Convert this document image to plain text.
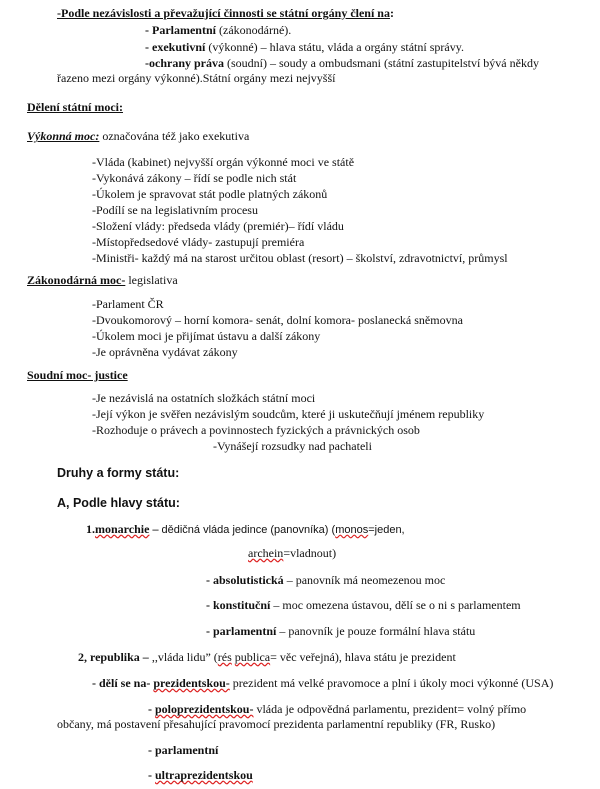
-Podle nezávislosti a převažující činnosti se státní orgány člení na:
- Parlamentní (zákonodárné).
- exekutivní (výkonné) – hlava státu, vláda a orgány státní správy.
-ochrany práva (soudní) – soudy a ombudsmani (státní zastupitelství bývá někdy
řazeno mezi orgány výkonné).Státní orgány mezi nejvyšší
Dělení státní moci:
Výkonná moc: označována též jako exekutiva
-Vláda (kabinet) nejvyšší orgán výkonné moci ve státě
-Vykonává zákony – řídí se podle nich stát
-Úkolem je spravovat stát podle platných zákonů
-Podílí se na legislativním procesu
-Složení vlády: předseda vlády (premiér)– řídí vládu
-Místopředsedové vlády- zastupují premiéra
-Ministři- každý má na starost určitou oblast (resort) – školství, zdravotnictví, průmysl
Zákonodárná moc- legislativa
-Parlament ČR
-Dvoukomorový – horní komora- senát, dolní komora- poslanecká sněmovna
-Úkolem moci je přijímat ústavu a další zákony
-Je oprávněna vydávat zákony
Soudní moc- justice
-Je nezávislá na ostatních složkách státní moci
-Její výkon je svěřen nezávislým soudcům, které ji uskutečňují jménem republiky
-Rozhoduje o právech a povinnostech fyzických a právnických osob
-Vynášejí rozsudky nad pachateli
Druhy a formy státu:
A, Podle hlavy státu:
1.monarchie – dědičná vláda jedince (panovníka) (monos=jeden,
archein=vladnout)
- absolutistická – panovník má neomezenou moc
- konstituční – moc omezena ústavou, dělí se o ni s parlamentem
- parlamentní – panovník je pouze formální hlava státu
2, republika – ,,vláda lidu” (rés publica= věc veřejná), hlava státu je prezident
- dělí se na- prezidentskou- prezident má velké pravomoce a plní i úkoly moci výkonné (USA)
- poloprezidentskou- vláda je odpovědná parlamentu, prezident= volný přímo
občany, má postavení přesahující pravomocí prezidenta parlamentní republiky (FR, Rusko)
- parlamentní
- ultraprezidentskou
